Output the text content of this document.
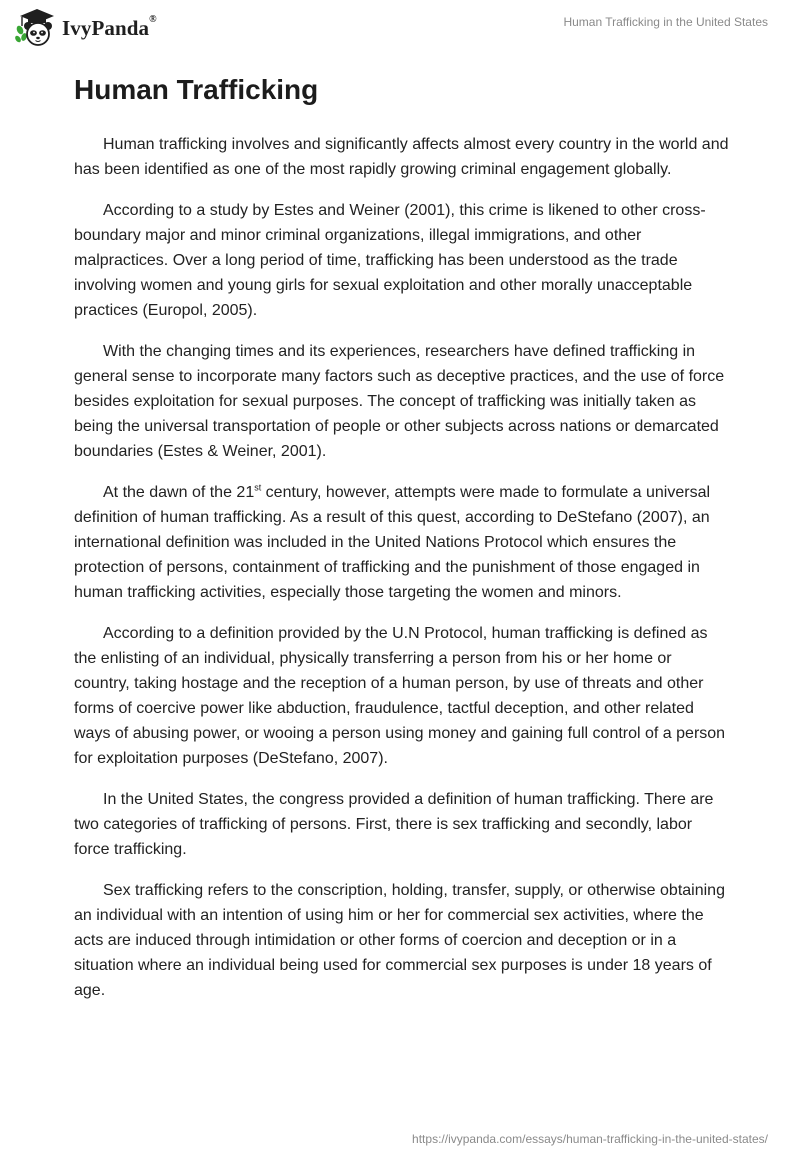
IvyPanda®	Human Trafficking in the United States
Human Trafficking

Human trafficking involves and significantly affects almost every country in the world and has been identified as one of the most rapidly growing criminal engagement globally.

According to a study by Estes and Weiner (2001), this crime is likened to other cross-boundary major and minor criminal organizations, illegal immigrations, and other malpractices. Over a long period of time, trafficking has been understood as the trade involving women and young girls for sexual exploitation and other morally unacceptable practices (Europol, 2005).

With the changing times and its experiences, researchers have defined trafficking in general sense to incorporate many factors such as deceptive practices, and the use of force besides exploitation for sexual purposes. The concept of trafficking was initially taken as being the universal transportation of people or other subjects across nations or demarcated boundaries (Estes & Weiner, 2001).

At the dawn of the 21st century, however, attempts were made to formulate a universal definition of human trafficking. As a result of this quest, according to DeStefano (2007), an international definition was included in the United Nations Protocol which ensures the protection of persons, containment of trafficking and the punishment of those engaged in human trafficking activities, especially those targeting the women and minors.

According to a definition provided by the U.N Protocol, human trafficking is defined as the enlisting of an individual, physically transferring a person from his or her home or country, taking hostage and the reception of a human person, by use of threats and other forms of coercive power like abduction, fraudulence, tactful deception, and other related ways of abusing power, or wooing a person using money and gaining full control of a person for exploitation purposes (DeStefano, 2007).

In the United States, the congress provided a definition of human trafficking. There are two categories of trafficking of persons. First, there is sex trafficking and secondly, labor force trafficking.

Sex trafficking refers to the conscription, holding, transfer, supply, or otherwise obtaining an individual with an intention of using him or her for commercial sex activities, where the acts are induced through intimidation or other forms of coercion and deception or in a situation where an individual being used for commercial sex purposes is under 18 years of age.

https://ivypanda.com/essays/human-trafficking-in-the-united-states/
